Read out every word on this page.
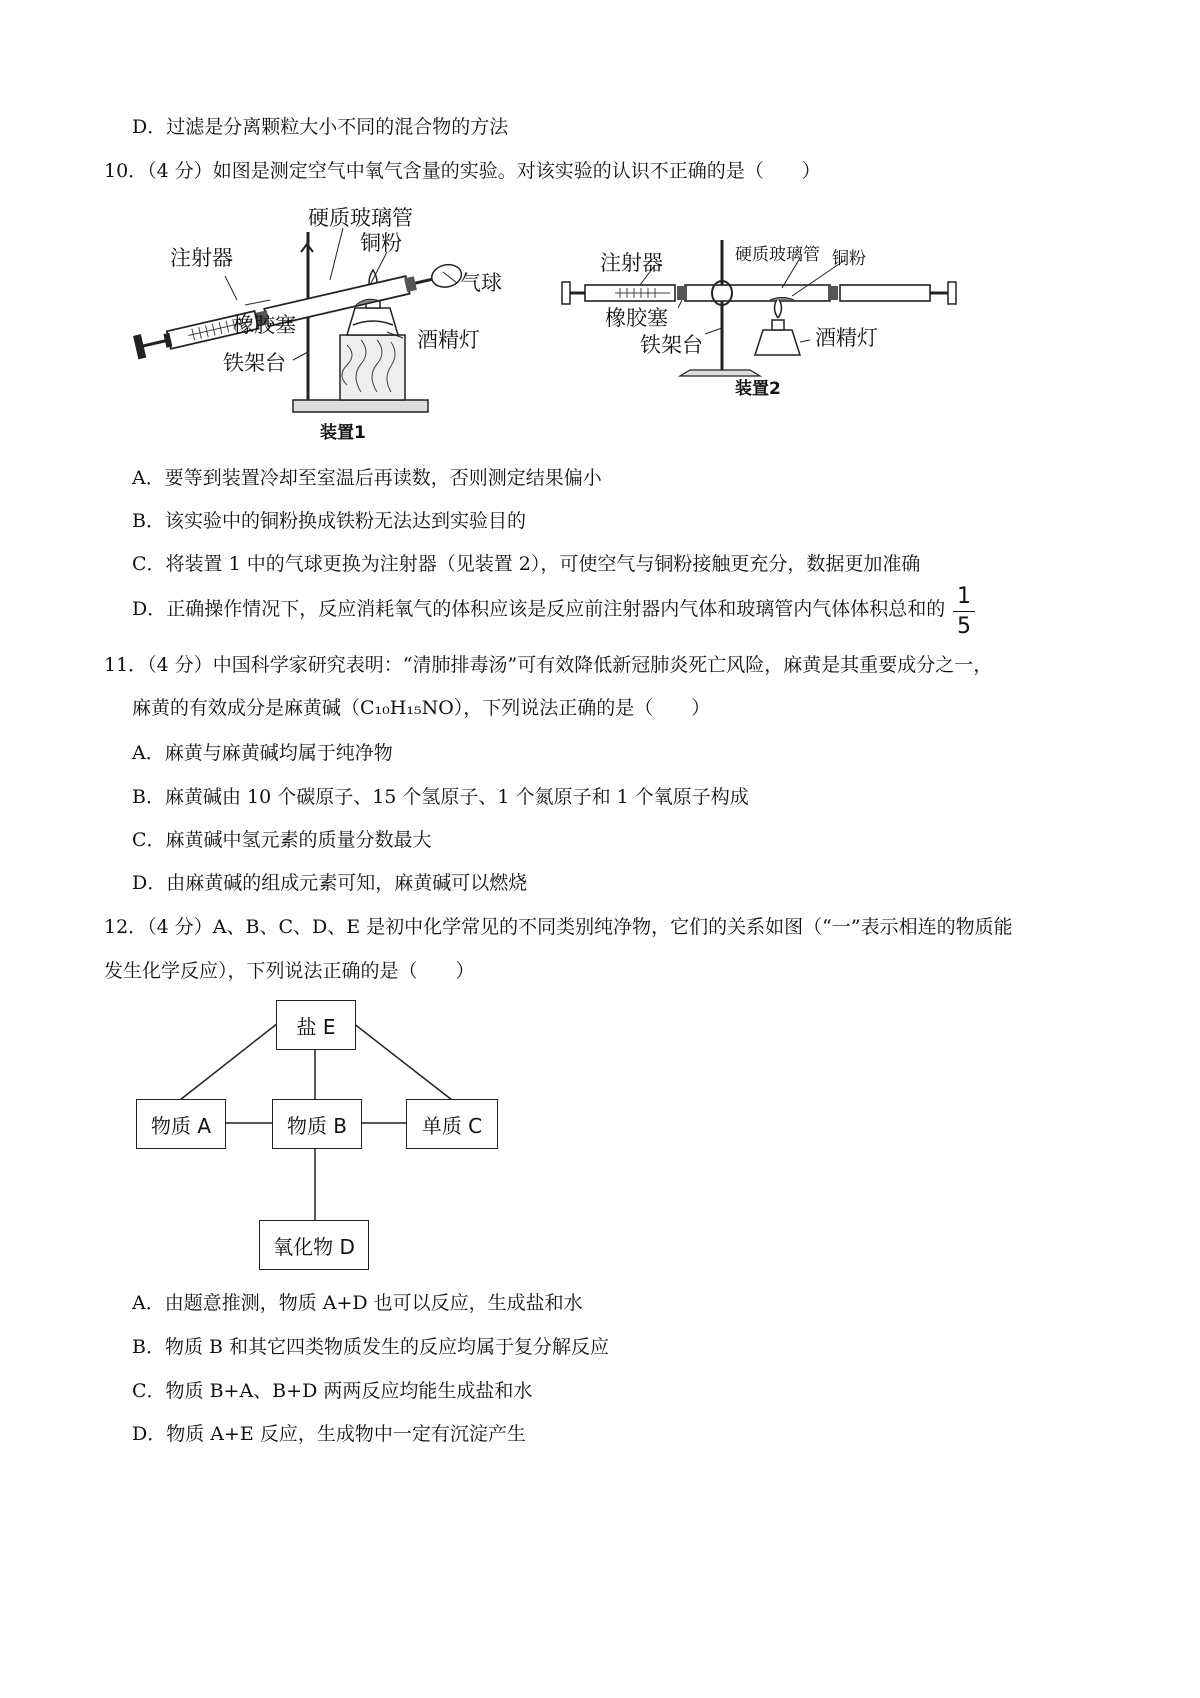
D．过滤是分离颗粒大小不同的混合物的方法
10．（4 分）如图是测定空气中氧气含量的实验。对该实验的认识不正确的是（　　）
硬质玻璃管
铜粉
注射器
气球
橡胶塞
酒精灯
铁架台
装置1
注射器	硬质玻璃管 铜粉
橡胶塞
铁架台	酒精灯
装置2
A．要等到装置冷却至室温后再读数，否则测定结果偏小
B．该实验中的铜粉换成铁粉无法达到实验目的
C．将装置 1 中的气球更换为注射器（见装置 2），可使空气与铜粉接触更充分，数据更加准确
D．正确操作情况下，反应消耗氧气的体积应该是反应前注射器内气体和玻璃管内气体体积总和的 1
5
11．（4 分）中国科学家研究表明：“清肺排毒汤”可有效降低新冠肺炎死亡风险，麻黄是其重要成分之一，
麻黄的有效成分是麻黄碱（C₁₀H₁₅NO），下列说法正确的是（　　）
A．麻黄与麻黄碱均属于纯净物
B．麻黄碱由 10 个碳原子、15 个氢原子、1 个氮原子和 1 个氧原子构成
C．麻黄碱中氢元素的质量分数最大
D．由麻黄碱的组成元素可知，麻黄碱可以燃烧
12．（4 分）A、B、C、D、E 是初中化学常见的不同类别纯净物，它们的关系如图（“一”表示相连的物质能
发生化学反应），下列说法正确的是（　　）
盐 E
物质 A	物质 B	单质 C
氧化物 D
A．由题意推测，物质 A+D 也可以反应，生成盐和水
B．物质 B 和其它四类物质发生的反应均属于复分解反应
C．物质 B+A、B+D 两两反应均能生成盐和水
D．物质 A+E 反应，生成物中一定有沉淀产生
